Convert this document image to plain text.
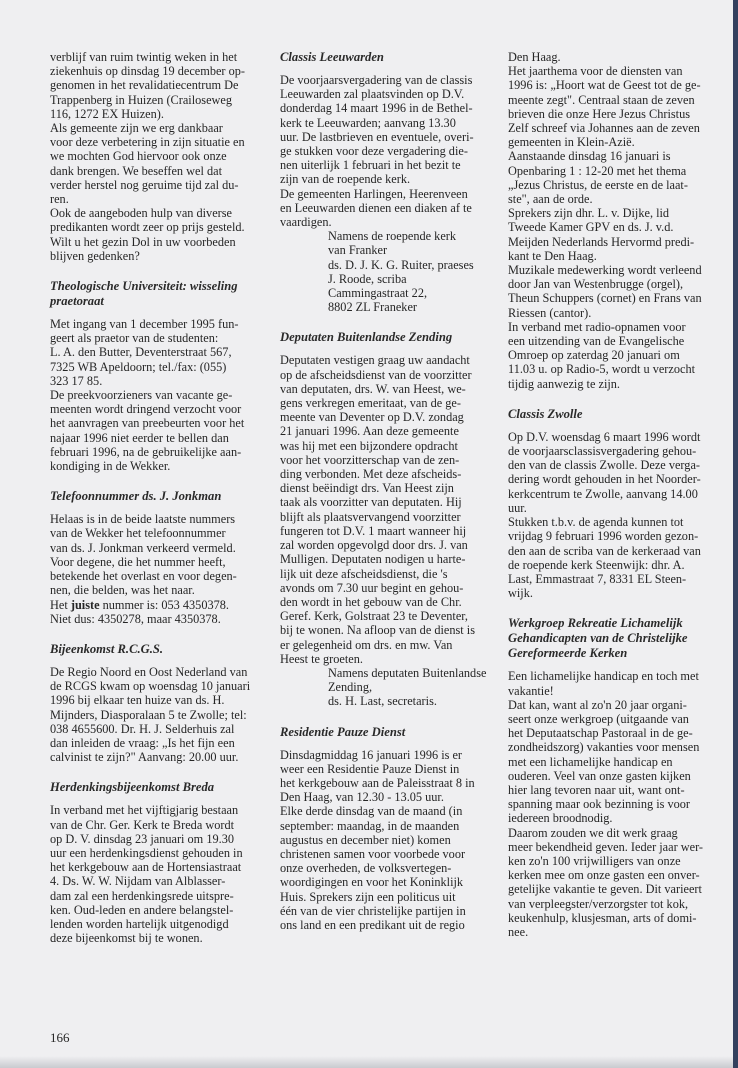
verblijf van ruim twintig weken in het
ziekenhuis op dinsdag 19 december op-
genomen in het revalidatiecentrum De
Trappenberg in Huizen (Crailoseweg
116, 1272 EX Huizen).
Als gemeente zijn we erg dankbaar
voor deze verbetering in zijn situatie en
we mochten God hiervoor ook onze
dank brengen. We beseffen wel dat
verder herstel nog geruime tijd zal du-
ren.
Ook de aangeboden hulp van diverse
predikanten wordt zeer op prijs gesteld.
Wilt u het gezin Dol in uw voorbeden
blijven gedenken?

Theologische Universiteit: wisseling praetoraat

Met ingang van 1 december 1995 fun-
geert als praetor van de studenten:
L. A. den Butter, Deventerstraat 567,
7325 WB Apeldoorn; tel./fax: (055)
323 17 85.
De preekvoorzieners van vacante ge-
meenten wordt dringend verzocht voor
het aanvragen van preebeurten voor het
najaar 1996 niet eerder te bellen dan
februari 1996, na de gebruikelijke aan-
kondiging in de Wekker.

Telefoonnummer ds. J. Jonkman

Helaas is in de beide laatste nummers
van de Wekker het telefoonnummer
van ds. J. Jonkman verkeerd vermeld.
Voor degene, die het nummer heeft,
betekende het overlast en voor degen-
nen, die belden, was het naar.
Het juiste nummer is: 053 4350378.
Niet dus: 4350278, maar 4350378.

Bijeenkomst R.C.G.S.

De Regio Noord en Oost Nederland van
de RCGS kwam op woensdag 10 januari
1996 bij elkaar ten huize van ds. H.
Mijnders, Diasporalaan 5 te Zwolle; tel:
038 4655600. Dr. H. J. Selderhuis zal
dan inleiden de vraag: „Is het fijn een
calvinist te zijn?" Aanvang: 20.00 uur.

Herdenkingsbijeenkomst Breda

In verband met het vijftigjarig bestaan
van de Chr. Ger. Kerk te Breda wordt
op D. V. dinsdag 23 januari om 19.30
uur een herdenkingsdienst gehouden in
het kerkgebouw aan de Hortensiastraat
4. Ds. W. W. Nijdam van Alblasser-
dam zal een herdenkingsrede uitspre-
ken. Oud-leden en andere belangstel-
lenden worden hartelijk uitgenodigd
deze bijeenkomst bij te wonen.

Classis Leeuwarden

De voorjaarsvergadering van de classis
Leeuwarden zal plaatsvinden op D.V.
donderdag 14 maart 1996 in de Bethel-
kerk te Leeuwarden; aanvang 13.30
uur. De lastbrieven en eventuele, overi-
ge stukken voor deze vergadering die-
nen uiterlijk 1 februari in het bezit te
zijn van de roepende kerk.
De gemeenten Harlingen, Heerenveen
en Leeuwarden dienen een diaken af te
vaardigen.

Namens de roepende kerk
van Franker
ds. D. J. K. G. Ruiter, praeses
J. Roode, scriba
Cammingastraat 22,
8802 ZL Franeker

Deputaten Buitenlandse Zending

Deputaten vestigen graag uw aandacht
op de afscheidsdienst van de voorzitter
van deputaten, drs. W. van Heest, we-
gens verkregen emeritaat, van de ge-
meente van Deventer op D.V. zondag
21 januari 1996. Aan deze gemeente
was hij met een bijzondere opdracht
voor het voorzitterschap van de zen-
ding verbonden. Met deze afscheids-
dienst beëindigt drs. Van Heest zijn
taak als voorzitter van deputaten. Hij
blijft als plaatsvervangend voorzitter
fungeren tot D.V. 1 maart wanneer hij
zal worden opgevolgd door drs. J. van
Mulligen. Deputaten nodigen u harte-
lijk uit deze afscheidsdienst, die 's
avonds om 7.30 uur begint en gehou-
den wordt in het gebouw van de Chr.
Geref. Kerk, Golstraat 23 te Deventer,
bij te wonen. Na afloop van de dienst is
er gelegenheid om drs. en mw. Van
Heest te groeten.

Namens deputaten Buitenlandse
Zending,
ds. H. Last, secretaris.

Residentie Pauze Dienst

Dinsdagmiddag 16 januari 1996 is er
weer een Residentie Pauze Dienst in
het kerkgebouw aan de Paleisstraat 8 in
Den Haag, van 12.30 - 13.05 uur.
Elke derde dinsdag van de maand (in
september: maandag, in de maanden
augustus en december niet) komen
christenen samen voor voorbede voor
onze overheden, de volksvertegen-
woordigingen en voor het Koninklijk
Huis. Sprekers zijn een politicus uit
één van de vier christelijke partijen in
ons land en een predikant uit de regio

Den Haag.
Het jaarthema voor de diensten van
1996 is: „Hoort wat de Geest tot de ge-
meente zegt". Centraal staan de zeven
brieven die onze Here Jezus Christus
Zelf schreef via Johannes aan de zeven
gemeenten in Klein-Azië.
Aanstaande dinsdag 16 januari is
Openbaring 1 : 12-20 met het thema
„Jezus Christus, de eerste en de laat-
ste", aan de orde.
Sprekers zijn dhr. L. v. Dijke, lid
Tweede Kamer GPV en ds. J. v.d.
Meijden Nederlands Hervormd predi-
kant te Den Haag.
Muzikale medewerking wordt verleend
door Jan van Westenbrugge (orgel),
Theun Schuppers (cornet) en Frans van
Riessen (cantor).
In verband met radio-opnamen voor
een uitzending van de Evangelische
Omroep op zaterdag 20 januari om
11.03 u. op Radio-5, wordt u verzocht
tijdig aanwezig te zijn.

Classis Zwolle

Op D.V. woensdag 6 maart 1996 wordt
de voorjaarsclassisvergadering gehou-
den van de classis Zwolle. Deze verga-
dering wordt gehouden in het Noorder-
kerkcentrum te Zwolle, aanvang 14.00
uur.
Stukken t.b.v. de agenda kunnen tot
vrijdag 9 februari 1996 worden gezon-
den aan de scriba van de kerkeraad van
de roepende kerk Steenwijk: dhr. A.
Last, Emmastraat 7, 8331 EL Steen-
wijk.

Werkgroep Rekreatie Lichamelijk Gehandicapten van de Christelijke Gereformeerde Kerken

Een lichamelijke handicap en toch met
vakantie!
Dat kan, want al zo'n 20 jaar organi-
seert onze werkgroep (uitgaande van
het Deputaatschap Pastoraal in de ge-
zondheidszorg) vakanties voor mensen
met een lichamelijke handicap en
ouderen. Veel van onze gasten kijken
hier lang tevoren naar uit, want ont-
spanning maar ook bezinning is voor
iedereen broodnodig.
Daarom zouden we dit werk graag
meer bekendheid geven. Ieder jaar wer-
ken zo'n 100 vrijwilligers van onze
kerken mee om onze gasten een onver-
getelijke vakantie te geven. Dit varieert
van verpleegster/verzorgster tot kok,
keukenhulp, klusjesman, arts of domi-
nee.

166
